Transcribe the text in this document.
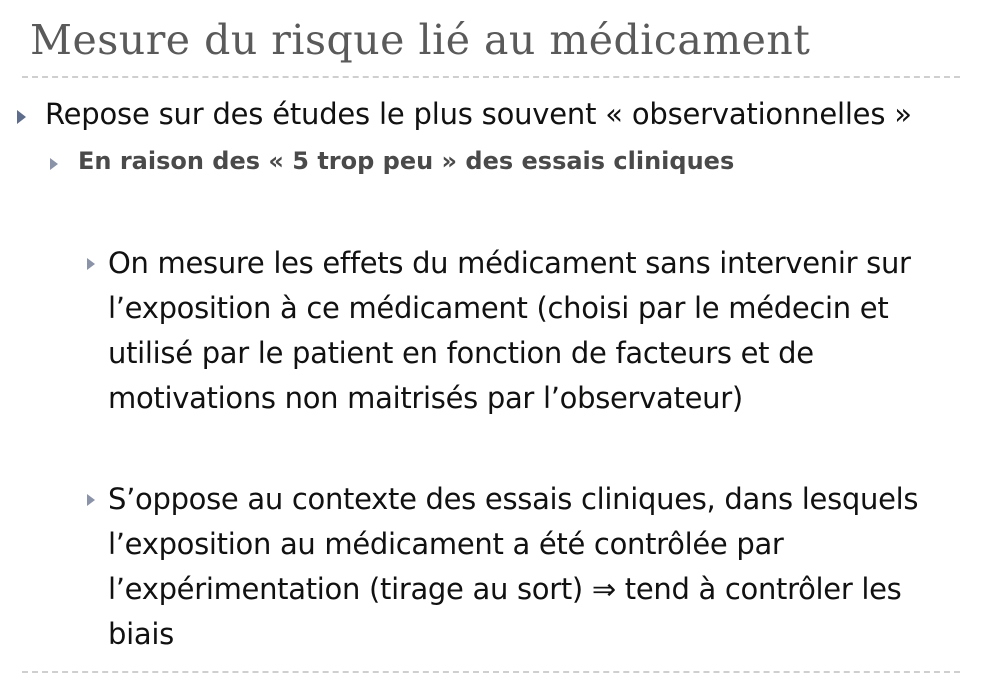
Mesure du risque lié au médicament
Repose sur des études le plus souvent « observationnelles »
En raison des « 5 trop peu » des essais cliniques
On mesure les effets du médicament sans intervenir sur
l’exposition à ce médicament (choisi par le médecin et
utilisé par le patient en fonction de facteurs et de
motivations non maitrisés par l’observateur)
S’oppose au contexte des essais cliniques, dans lesquels
l’exposition au médicament a été contrôlée par
l’expérimentation (tirage au sort) ⇒ tend à contrôler les
biais
